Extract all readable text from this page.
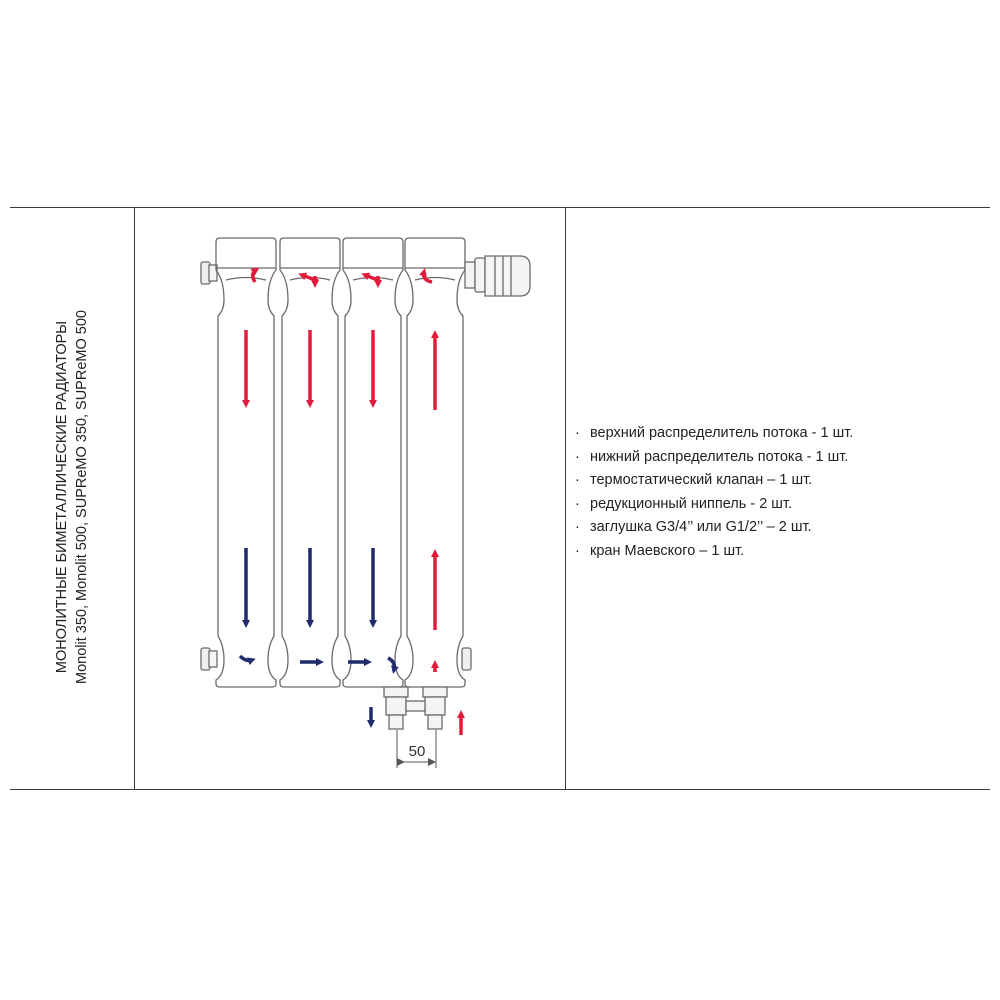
МОНОЛИТНЫЕ БИМЕТАЛЛИЧЕСКИЕ РАДИАТОРЫ Monolit 350, Monolit 500, SUPReMO 350, SUPReMO 500
50
· верхний распределитель потока - 1 шт.
· нижний распределитель потока - 1 шт.
· термостатический клапан – 1 шт.
· редукционный ниппель - 2 шт.
· заглушка G3/4’’ или G1/2’’ – 2 шт.
· кран Маевского – 1 шт.
